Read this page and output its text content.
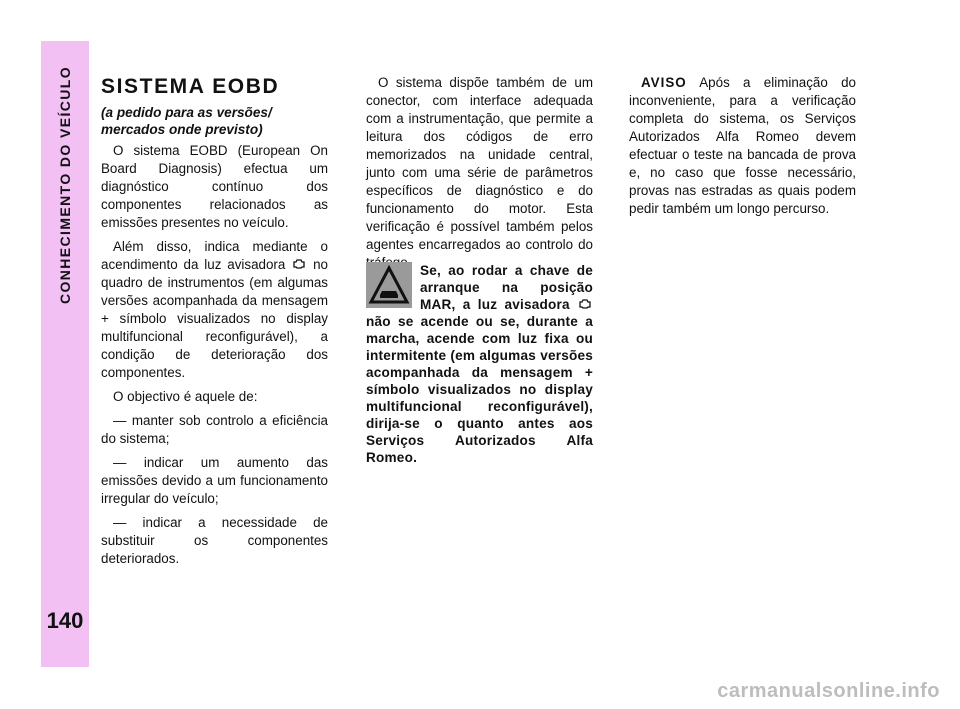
CONHECIMENTO DO VEÍCULO
140
SISTEMA EOBD
(a pedido para as versões/ mercados onde previsto)

O sistema EOBD (European On Board Diagnosis) efectua um diagnóstico contínuo dos componentes relacionados as emissões presentes no veículo.

Além disso, indica mediante o acendimento da luz avisadora no quadro de instrumentos (em algumas versões acompanhada da mensagem + símbolo visualizados no display multifuncional reconfigurável), a condição de deterioração dos componentes.

O objectivo é aquele de:

— manter sob controlo a eficiência do sistema;

— indicar um aumento das emissões devido a um funcionamento irregular do veículo;

— indicar a necessidade de substituir os componentes deteriorados.

O sistema dispõe também de um conector, com interface adequada com a instrumentação, que permite a leitura dos códigos de erro memorizados na unidade central, junto com uma série de parâmetros específicos de diagnóstico e do funcionamento do motor. Esta verificação é possível também pelos agentes encarregados ao controlo do

Se, ao rodar a chave de arranque na posição MAR, a luz avisadora  não se acende ou se, durante a marcha, acende com luz fixa ou intermitente (em algumas versões acompanhada da mensagem + símbolo visualizados no display multifuncional reconfigurável), dirija-se o quanto antes aos Serviços Autorizados Alfa Romeo.

AVISO Após a eliminação do inconveniente, para a verificação completa do sistema, os Serviços Autorizados Alfa Romeo devem efectuar o teste na bancada de prova e, no caso que fosse necessário, provas nas estradas as quais podem pedir também um longo percurso.

carmanualsonline.info
